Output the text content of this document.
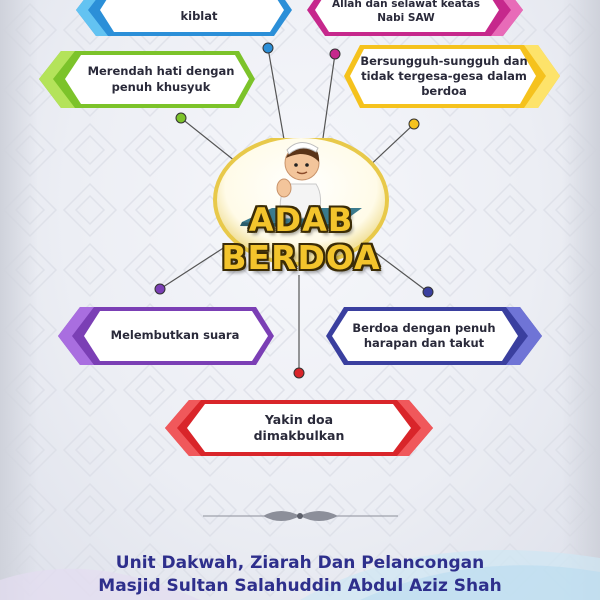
kiblat
Allah dan selawat keatas Nabi SAW
Merendah hati dengan penuh khusyuk
Bersungguh-sungguh dan tidak tergesa-gesa dalam berdoa
Melembutkan suara
Berdoa dengan penuh harapan dan takut
Yakin doa dimakbulkan
ADAB
BERDOA
Unit Dakwah, Ziarah Dan Pelancongan
Masjid Sultan Salahuddin Abdul Aziz Shah
